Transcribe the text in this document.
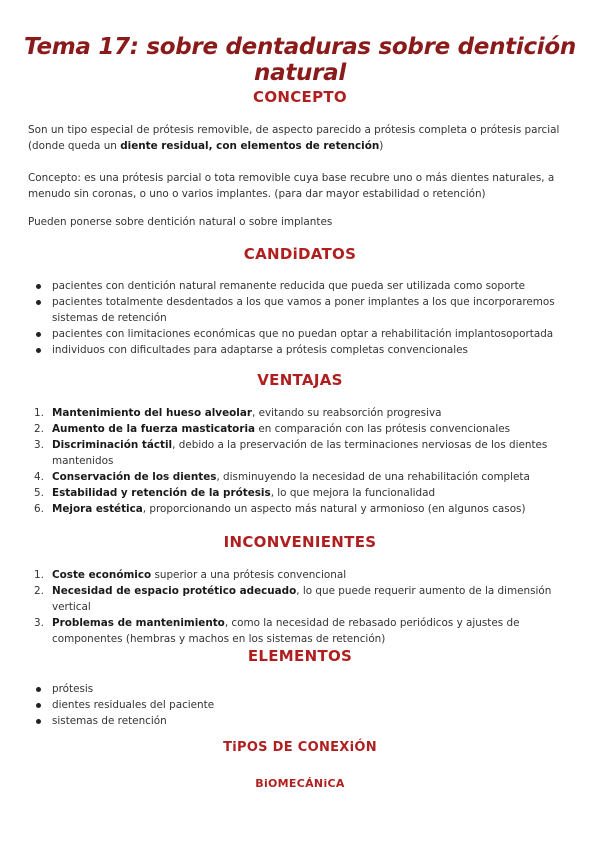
Tema 17: sobre dentaduras sobre dentición natural
CONCEPTO

Son un tipo especial de prótesis removible, de aspecto parecido a prótesis completa o prótesis parcial (donde queda un diente residual, con elementos de retención)

Concepto: es una prótesis parcial o tota removible cuya base recubre uno o más dientes naturales, a menudo sin coronas, o uno o varios implantes. (para dar mayor estabilidad o retención)

Pueden ponerse sobre dentición natural o sobre implantes

CANDiDATOS
pacientes con dentición natural remanente reducida que pueda ser utilizada como soporte
pacientes totalmente desdentados a los que vamos a poner implantes a los que incorporaremos sistemas de retención
pacientes con limitaciones económicas que no puedan optar a rehabilitación implantosoportada
individuos con dificultades para adaptarse a prótesis completas convencionales
VENTAJAS
1. Mantenimiento del hueso alveolar, evitando su reabsorción progresiva
2. Aumento de la fuerza masticatoria en comparación con las prótesis convencionales
3. Discriminación táctil, debido a la preservación de las terminaciones nerviosas de los dientes mantenidos
4. Conservación de los dientes, disminuyendo la necesidad de una rehabilitación completa
5. Estabilidad y retención de la prótesis, lo que mejora la funcionalidad
6. Mejora estética, proporcionando un aspecto más natural y armonioso (en algunos casos)
INCONVENIENTES
1. Coste económico superior a una prótesis convencional
2. Necesidad de espacio protético adecuado, lo que puede requerir aumento de la dimensión vertical
3. Problemas de mantenimiento, como la necesidad de rebasado periódicos y ajustes de componentes (hembras y machos en los sistemas de retención)
ELEMENTOS
prótesis
dientes residuales del paciente
sistemas de retención
TiPOS DE CONEXiÓN
BiOMECÁNiCA
